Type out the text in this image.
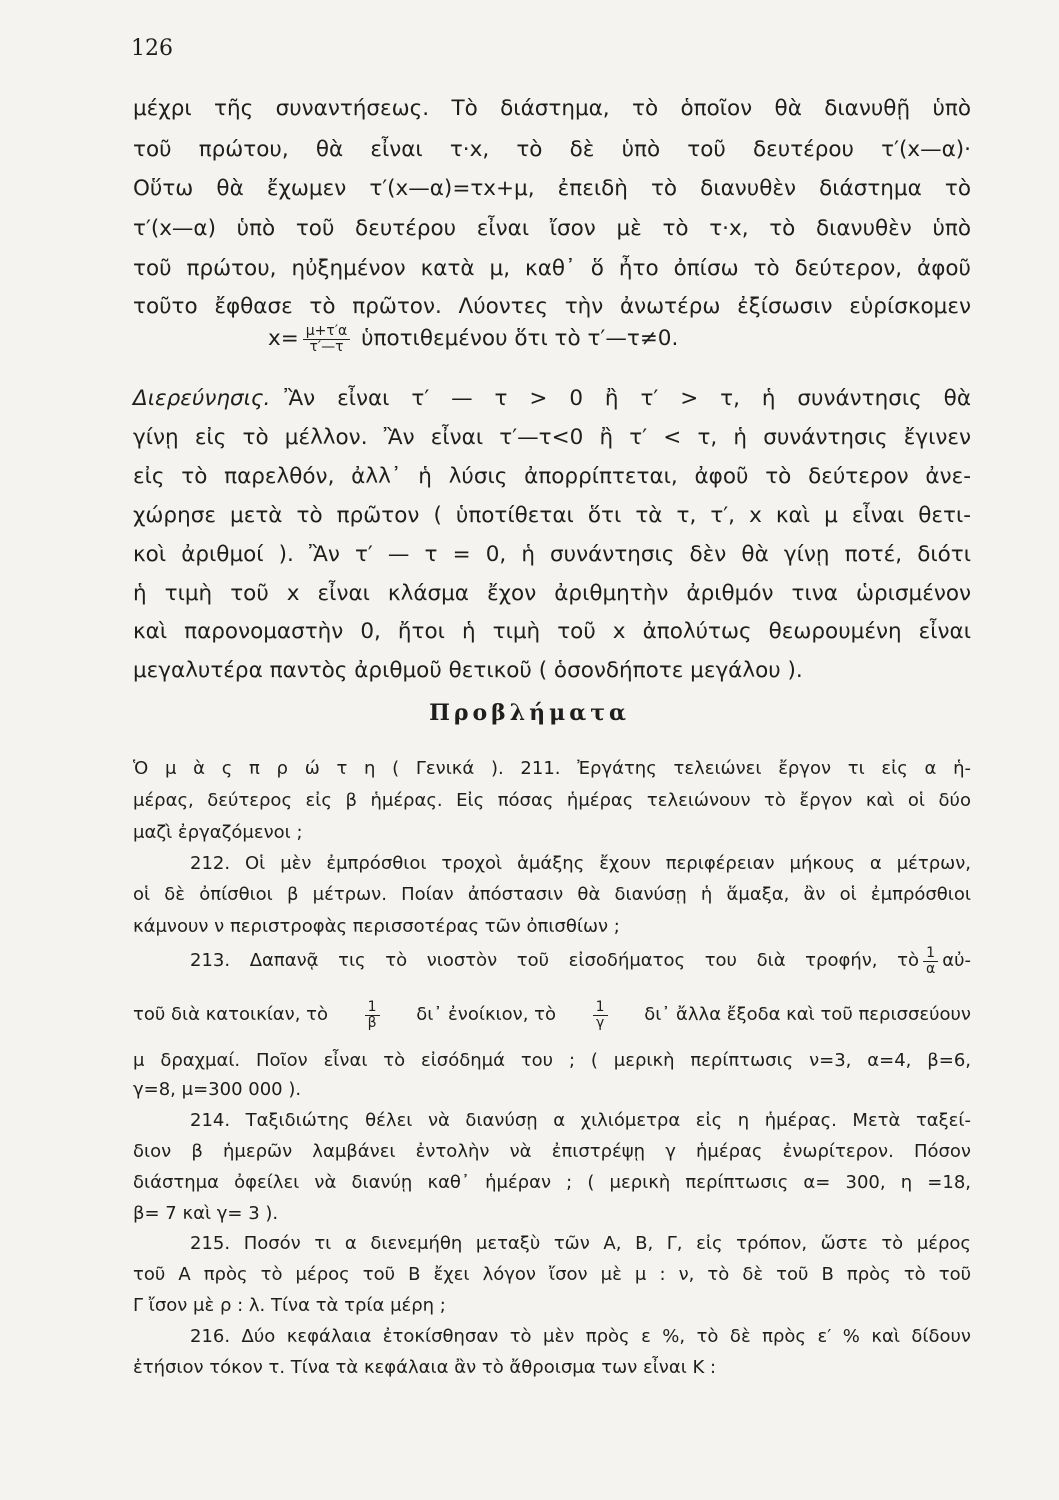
126
μέχρι τῆς συναντήσεως. Τὸ διάστημα, τὸ ὁποῖον θὰ διανυθῇ ὑπὸ
τοῦ πρώτου, θὰ εἶναι τ·x, τὸ δὲ ὑπὸ τοῦ δευτέρου τ′(x—α)·
Οὕτω θὰ ἔχωμεν τ′(x—α)=τx+μ, ἐπειδὴ τὸ διανυθὲν διάστημα τὸ
τ′(x—α) ὑπὸ τοῦ δευτέρου εἶναι ἴσον μὲ τὸ τ·x, τὸ διανυθὲν ὑπὸ
τοῦ πρώτου, ηὐξημένον κατὰ μ, καθ᾽ ὅ ἦτο ὀπίσω τὸ δεύτερον, ἀφοῦ
τοῦτο ἔφθασε τὸ πρῶτον. Λύοντες τὴν ἀνωτέρω ἐξίσωσιν εὑρίσκομεν
$x= \frac{\mu+\tau'\alpha}{\tau'—\tau}$ ὑποτιθεμένου ὅτι τὸ τ′—τ≠0.
Διερεύνησις. Ἂν εἶναι τ′ — τ > 0 ἢ τ′ > τ, ἡ συνάντησις θὰ
γίνῃ εἰς τὸ μέλλον. Ἂν εἶναι τ′—τ<0 ἢ τ′ < τ, ἡ συνάντησις ἔγινεν
εἰς τὸ παρελθόν, ἀλλ᾽ ἡ λύσις ἀπορρίπτεται, ἀφοῦ τὸ δεύτερον ἀνε-
χώρησε μετὰ τὸ πρῶτον ( ὑποτίθεται ὅτι τὰ τ, τ′, x καὶ μ εἶναι θετι-
κοὶ ἀριθμοί ). Ἂν τ′ — τ = 0, ἡ συνάντησις δὲν θὰ γίνῃ ποτέ, διότι
ἡ τιμὴ τοῦ x εἶναι κλάσμα ἔχον ἀριθμητὴν ἀριθμόν τινα ὡρισμένον
καὶ παρονομαστὴν 0, ἤτοι ἡ τιμὴ τοῦ x ἀπολύτως θεωρουμένη εἶναι
μεγαλυτέρα παντὸς ἀριθμοῦ θετικοῦ ( ὁσονδήποτε μεγάλου ).
Προβλήματα
Ὁ μ ὰ ς π ρ ώ τ η ( Γενικά ). 211. Ἐργάτης τελειώνει ἔργον τι εἰς α ἡ-
μέρας, δεύτερος εἰς β ἡμέρας. Εἰς πόσας ἡμέρας τελειώνουν τὸ ἔργον καὶ οἱ δύο
μαζὶ ἐργαζόμενοι ;
212. Οἱ μὲν ἐμπρόσθιοι τροχοὶ ἁμάξης ἔχουν περιφέρειαν μήκους α μέτρων,
οἱ δὲ ὀπίσθιοι β μέτρων. Ποίαν ἀπόστασιν θὰ διανύσῃ ἡ ἅμαξα, ἂν οἱ ἐμπρόσθιοι
κάμνουν ν περιστροφὰς περισσοτέρας τῶν ὀπισθίων ;
213. Δαπανᾷ τις τὸ νιοστὸν τοῦ εἰσοδήματος του διὰ τροφήν, τὸ $\frac{1}{\alpha}$ αὐ-
τοῦ διὰ κατοικίαν, τὸ	$\frac{1}{\beta}$ δι᾽ ἐνοίκιον, τὸ	$\frac{1}{\gamma}$ δι᾽ ἄλλα ἔξοδα καὶ τοῦ περισσεύουν
μ δραχμαί. Ποῖον εἶναι τὸ εἰσόδημά του ; ( μερικὴ περίπτωσις ν=3, α=4, β=6,
γ=8, μ=300 000 ).
214. Ταξιδιώτης θέλει νὰ διανύσῃ α χιλιόμετρα εἰς η ἡμέρας. Μετὰ ταξεί-
διον β ἡμερῶν λαμβάνει ἐντολὴν νὰ ἐπιστρέψῃ γ ἡμέρας ἐνωρίτερον. Πόσον
διάστημα ὀφείλει νὰ διανύῃ καθ᾽ ἡμέραν ; ( μερικὴ περίπτωσις α= 300, η =18,
β= 7 καὶ γ= 3 ).
215. Ποσόν τι α διενεμήθη μεταξὺ τῶν Α, Β, Γ, εἰς τρόπον, ὥστε τὸ μέρος
τοῦ Α πρὸς τὸ μέρος τοῦ Β ἔχει λόγον ἴσον μὲ μ : ν, τὸ δὲ τοῦ Β πρὸς τὸ τοῦ
Γ ἴσον μὲ ρ : λ. Τίνα τὰ τρία μέρη ;
216. Δύο κεφάλαια ἐτοκίσθησαν τὸ μὲν πρὸς ε %, τὸ δὲ πρὸς ε′ % καὶ δίδουν
ἐτήσιον τόκον τ. Τίνα τὰ κεφάλαια ἂν τὸ ἄθροισμα των εἶναι Κ :
